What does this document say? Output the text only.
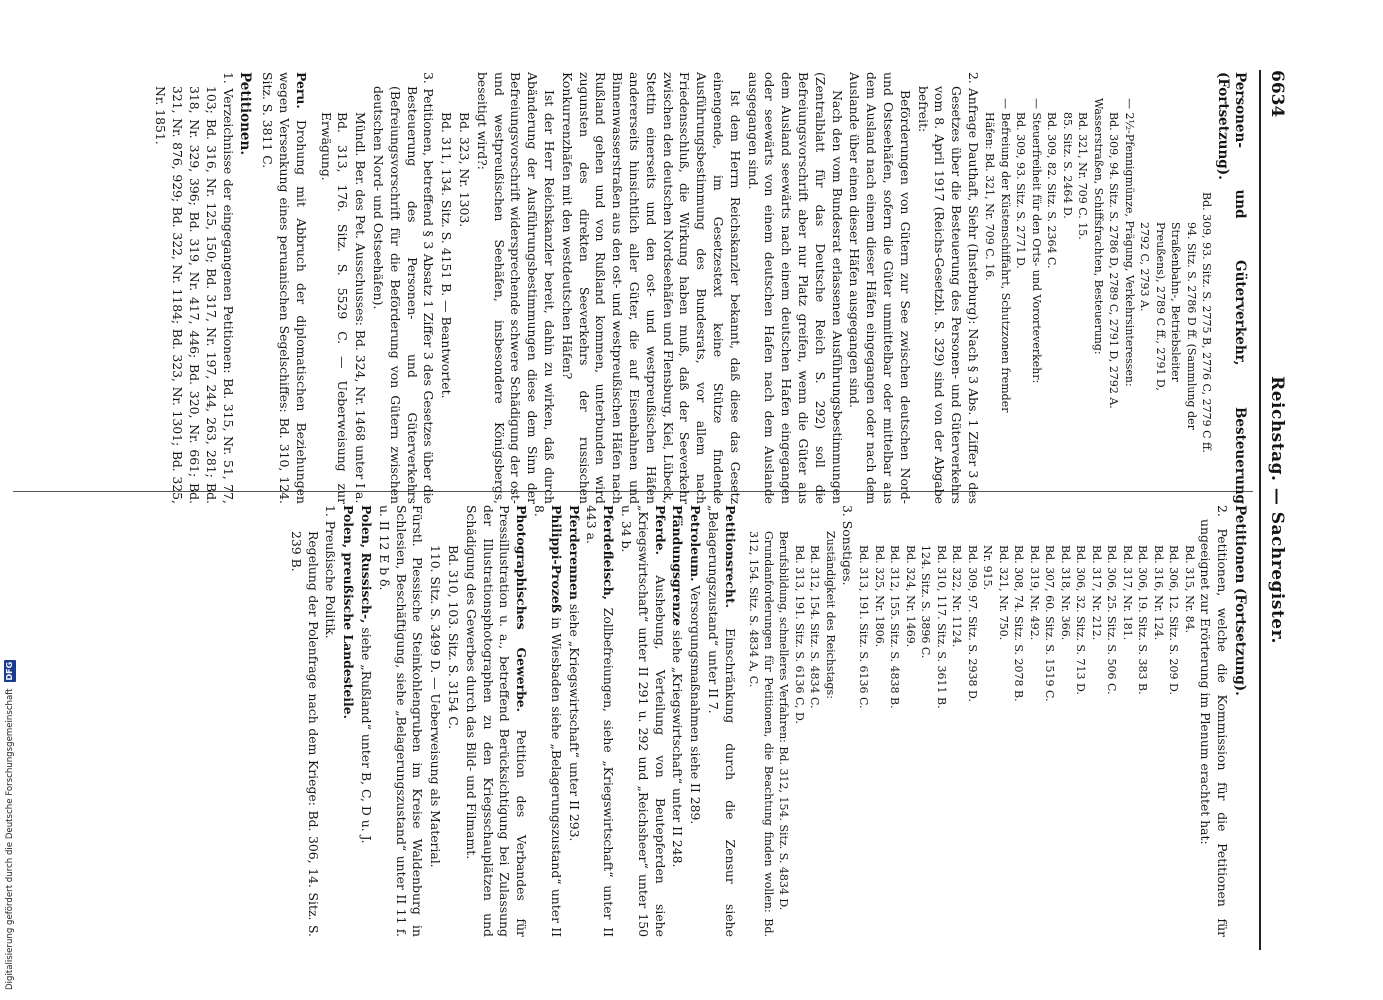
6634
Reichstag. — Sachregister.

Personen- und Güterverkehr, Besteuerung (Fortsetzung).

Bd. 309, 93. Sitz. S. 2775 B, 2776 C, 2779 C ff.

94. Sitz. S. 2786 D ff. (Sammlung der

Straßenbahn-, Betriebsleiter

Preußens), 2789 C ff., 2791 D,

2792 C, 2793 A.

— 2½-Pfennigmünze, Prägung, Verkehrsinteressen:

Bd. 309, 94. Sitz. S. 2786 D, 2789 C, 2791 D, 2792 A.

Wasserstraßen, Schiffsfrachten, Besteuerung:

Bd. 321, Nr. 709 C. 15.

85. Sitz. S. 2464 D.

Bd. 309, 82. Sitz. S. 2364 C.

— Steuerfreiheit für den Orts- und Vororteverkehr:

Bd. 309, 93. Sitz. S. 2771 D.

— Befreiung der Küstenschiffahrt, Schutzzonen fremder

Häfen: Bd. 321, Nr. 709 C. 16.

2. Anfrage Dauthaft, Siehr (Insterburg): Nach § 3 Abs. 1 Ziffer 3 des Gesetzes über die Besteuerung des Personen- und Güterverkehrs vom 8. April 1917 (Reichs-Gesetzbl. S. 329) sind von der Abgabe befreit:

Beförderungen von Gütern zur See zwischen deutschen Nord- und Ostseehäfen, sofern die Güter unmittelbar oder mittelbar aus dem Ausland nach einem dieser Häfen eingegangen oder nach dem Auslande über einen dieser Häfen ausgegangen sind.

Nach den vom Bundesrat erlassenen Ausführungsbestimmungen (Zentralblatt für das Deutsche Reich S. 292) soll die Befreiungsvorschrift aber nur Platz greifen, wenn die Güter aus dem Ausland seewärts nach einem deutschen Hafen eingegangen oder seewärts von einem deutschen Hafen nach dem Auslande ausgegangen sind.

Ist dem Herrn Reichskanzler bekannt, daß diese das Gesetz einengende, im Gesetzestext keine Stütze findende Ausführungsbestimmung des Bundesrats, vor allem nach Friedensschluß, die Wirkung haben muß, daß der Seeverkehr zwischen den deutschen Nordseehäfen und Flensburg, Kiel, Lübeck, Stettin einerseits und den ost- und westpreußischen Häfen andererseits hinsichtlich aller Güter, die auf Eisenbahnen und Binnenwasserstraßen aus den ost- und westpreußischen Häfen nach Rußland gehen und von Rußland kommen, unterbunden wird zugunsten des direkten Seeverkehrs der russischen Konkurrenzhäfen mit den westdeutschen Häfen?

Ist der Herr Reichskanzler bereit, dahin zu wirken, daß durch Abänderung der Ausführungsbestimmungen diese dem Sinn der Befreiungsvorschrift widersprechende schwere Schädigung der ost- und westpreußischen Seehäfen, insbesondere Königsbergs, beseitigt wird?:

Bd. 323, Nr. 1303.

Bd. 311, 134. Sitz. S. 4151 B. — Beantwortet.

3. Petitionen, betreffend § 3 Absatz 1 Ziffer 3 des Gesetzes über die Besteuerung des Personen- und Güterverkehrs (Befreiungsvorschrift für die Beförderung von Gütern zwischen deutschen Nord- und Ostseehäfen).

Mündl. Ber. des Pet. Ausschusses: Bd. 324, Nr. 1468 unter I a.

Bd. 313, 176. Sitz. S. 5529 C. — Ueberweisung zur Erwägung.

Peru. Drohung mit Abbruch der diplomatischen Beziehungen wegen Versenkung eines peruanischen Segelschiffes: Bd. 310, 124. Sitz. S. 3811 C.

Petitionen.

1. Verzeichnisse der eingegangenen Petitionen: Bd. 315, Nr. 51, 77, 103; Bd. 316, Nr. 125, 150; Bd. 317, Nr. 197, 244, 263, 281; Bd. 318, Nr. 329, 396; Bd. 319, Nr. 417, 446; Bd. 320, Nr. 661; Bd. 321, Nr. 876, 929; Bd. 322, Nr. 1184; Bd. 323, Nr. 1301; Bd. 325, Nr. 1851.

Petitionen (Fortsetzung).

2. Petitionen, welche die Kommission für die Petitionen für ungeeignet zur Erörterung im Plenum erachtet hat:

Bd. 315, Nr. 84.

Bd. 306, 12. Sitz. S. 209 D.

Bd. 316, Nr. 124.

Bd. 306, 19. Sitz. S. 383 B.

Bd. 317, Nr. 181.

Bd. 306, 25. Sitz. S. 506 C.

Bd. 317, Nr. 212.

Bd. 306, 32. Sitz. S. 713 D.

Bd. 318, Nr. 366.

Bd. 307, 60. Sitz. S. 1519 C.

Bd. 319, Nr. 492.

Bd. 308, 74. Sitz. S. 2078 B.

Bd. 321, Nr. 750.

Nr. 915.

Bd. 309, 97. Sitz. S. 2938 D.

Bd. 322, Nr. 1124.

Bd. 310, 117. Sitz. S. 3611 B.

124. Sitz. S. 3896 C.

Bd. 324, Nr. 1469.

Bd. 312, 155. Sitz. S. 4838 B.

Bd. 325, Nr. 1806.

Bd. 313, 191. Sitz. S. 6136 C.

3. Sonstiges.

Zuständigkeit des Reichstags:

Bd. 312, 154. Sitz. S. 4834 C.

Bd. 313, 191. Sitz. S. 6136 C, D.

Berufsbildung, schnelleres Verfahren: Bd. 312, 154. Sitz. S. 4834 D.

Grundanforderungen für Petitionen, die Beachtung finden wollen: Bd. 312, 154. Sitz. S. 4834 A, C.

Petitionsrecht. Einschränkung durch die Zensur siehe „Belagerungszustand“ unter II 7.

Petroleum. Versorgungsmaßnahmen siehe II 289.

Pfändungsgrenze siehe „Kriegswirtschaft“ unter II 248.

Pferde. Aushebung, Verteilung von Beutepferden siehe „Kriegswirtschaft“ unter II 291 u. 292 und „Reichsheer“ unter 150 u. 34 b.

Pferdefleisch, Zollbefreiungen, siehe „Kriegswirtschaft“ unter II 443 a.

Pferderennen siehe „Kriegswirtschaft“ unter II 293.

Philippi-Prozeß in Wiesbaden siehe „Belagerungszustand“ unter II 8.

Photographisches Gewerbe. Petition des Verbandes für Pressillustration u. a., betreffend Berücksichtigung bei Zulassung der Illustrationsphotographen zu den Kriegsschauplätzen und Schädigung des Gewerbes durch das Bild- und Filmamt.

Bd. 310, 103. Sitz. S. 3154 C.

110. Sitz. S. 3499 D. — Ueberweisung als Material.

Fürstl. Plessische Steinkohlengruben im Kreise Waldenburg in Schlesien, Beschäftigung, siehe „Belagerungszustand“ unter II 11 f. u. II 12 E b δ.

Polen, Russisch-, siehe „Rußland“ unter B, C, D u. J.

Polen, preußische Landesteile.

1. Preußische Politik.

Regelung der Polenfrage nach dem Kriege: Bd. 306, 14. Sitz. S. 239 B.

Digitalisierung gefördert durch die Deutsche ForschungsgemeinschaftDFG
